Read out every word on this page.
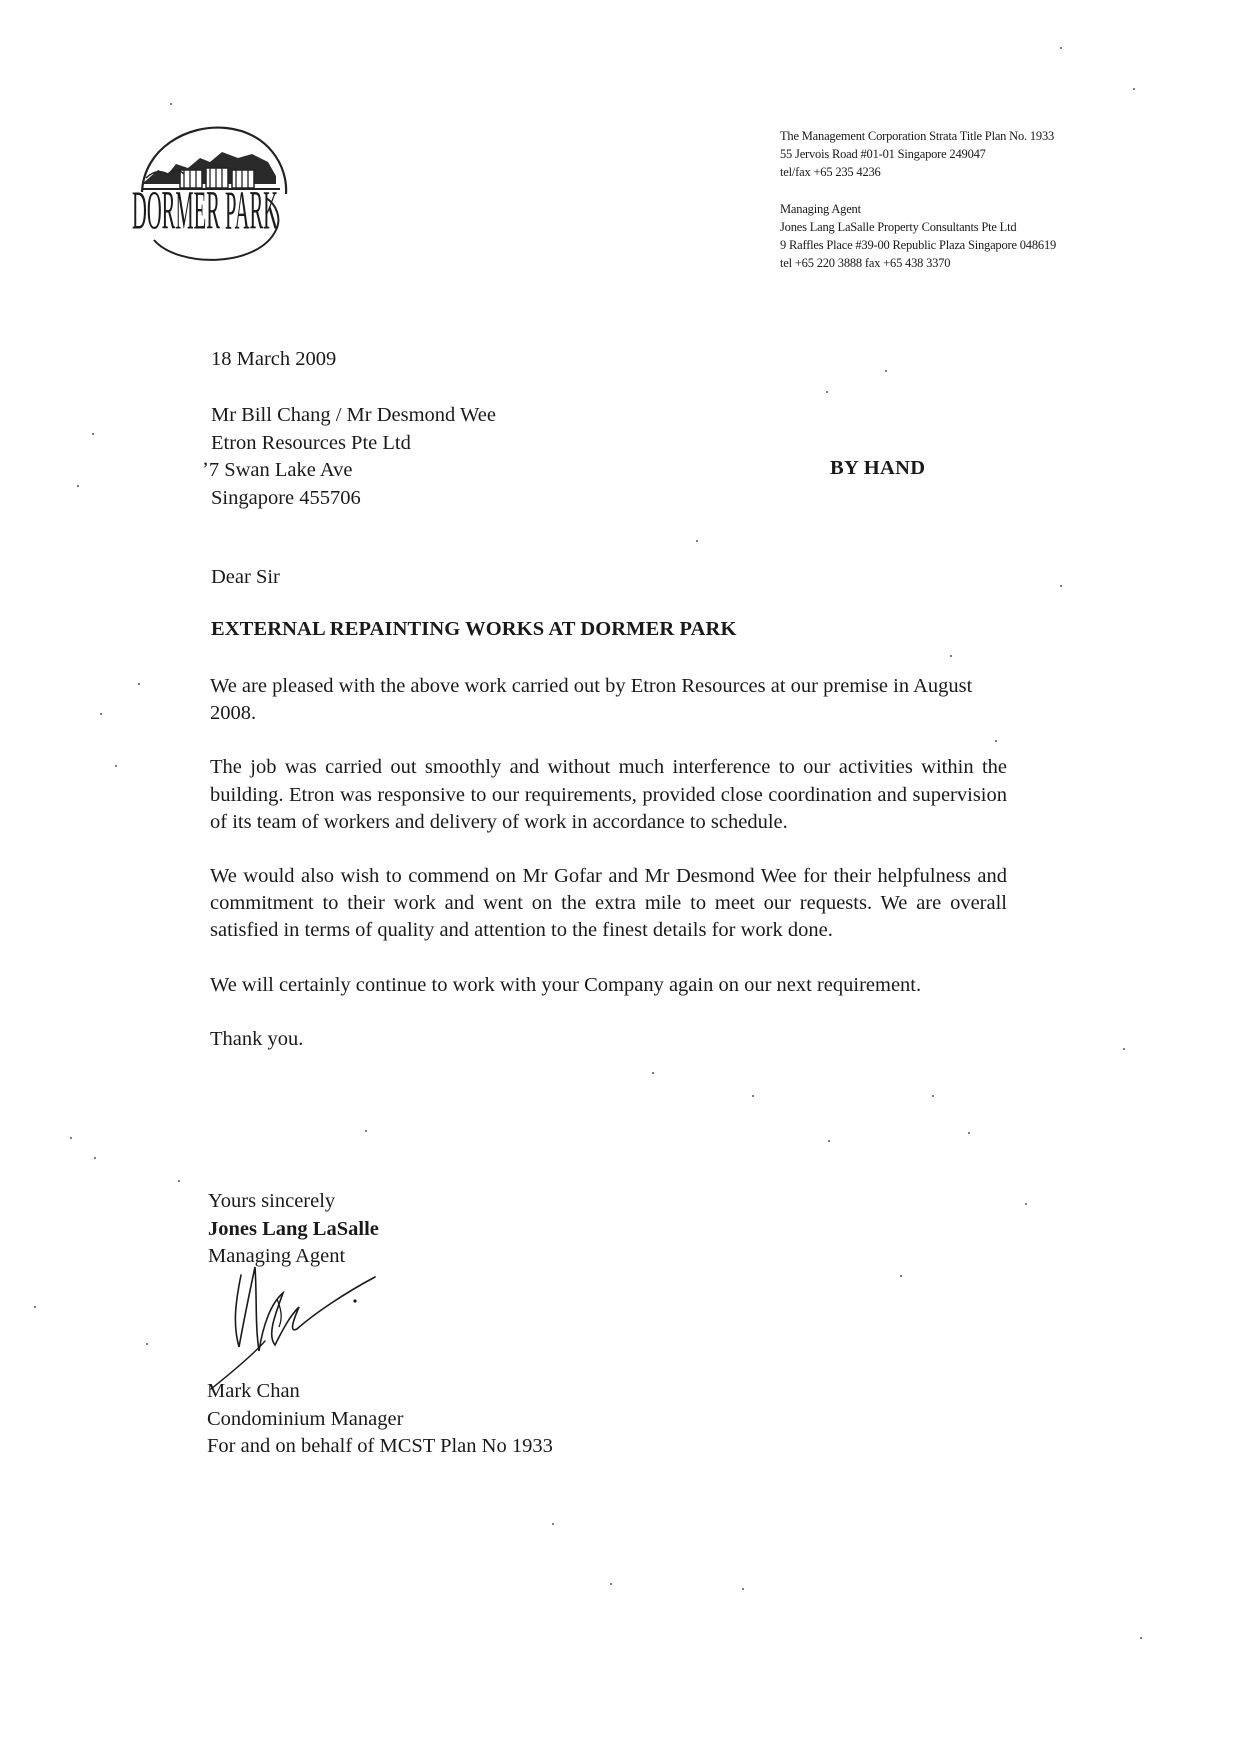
DORMER PARK
The Management Corporation Strata Title Plan No. 1933
55 Jervois Road #01-01 Singapore 249047
tel/fax +65 235 4236
Managing Agent
Jones Lang LaSalle Property Consultants Pte Ltd
9 Raffles Place #39-00 Republic Plaza Singapore 048619
tel +65 220 3888 fax +65 438 3370
18 March 2009
Mr Bill Chang / Mr Desmond Wee
Etron Resources Pte Ltd
ʼ7 Swan Lake Ave
Singapore 455706
BY HAND
Dear Sir
EXTERNAL REPAINTING WORKS AT DORMER PARK

We are pleased with the above work carried out by Etron Resources at our premise in August 2008.

The job was carried out smoothly and without much interference to our activities within the building. Etron was responsive to our requirements, provided close coordination and supervision of its team of workers and delivery of work in accordance to schedule.

We would also wish to commend on Mr Gofar and Mr Desmond Wee for their helpfulness and commitment to their work and went on the extra mile to meet our requests. We are overall satisfied in terms of quality and attention to the finest details for work done.

We will certainly continue to work with your Company again on our next requirement.

Thank you.

Yours sincerely
Jones Lang LaSalle
Managing Agent
Mark Chan
Condominium Manager
For and on behalf of MCST Plan No 1933
